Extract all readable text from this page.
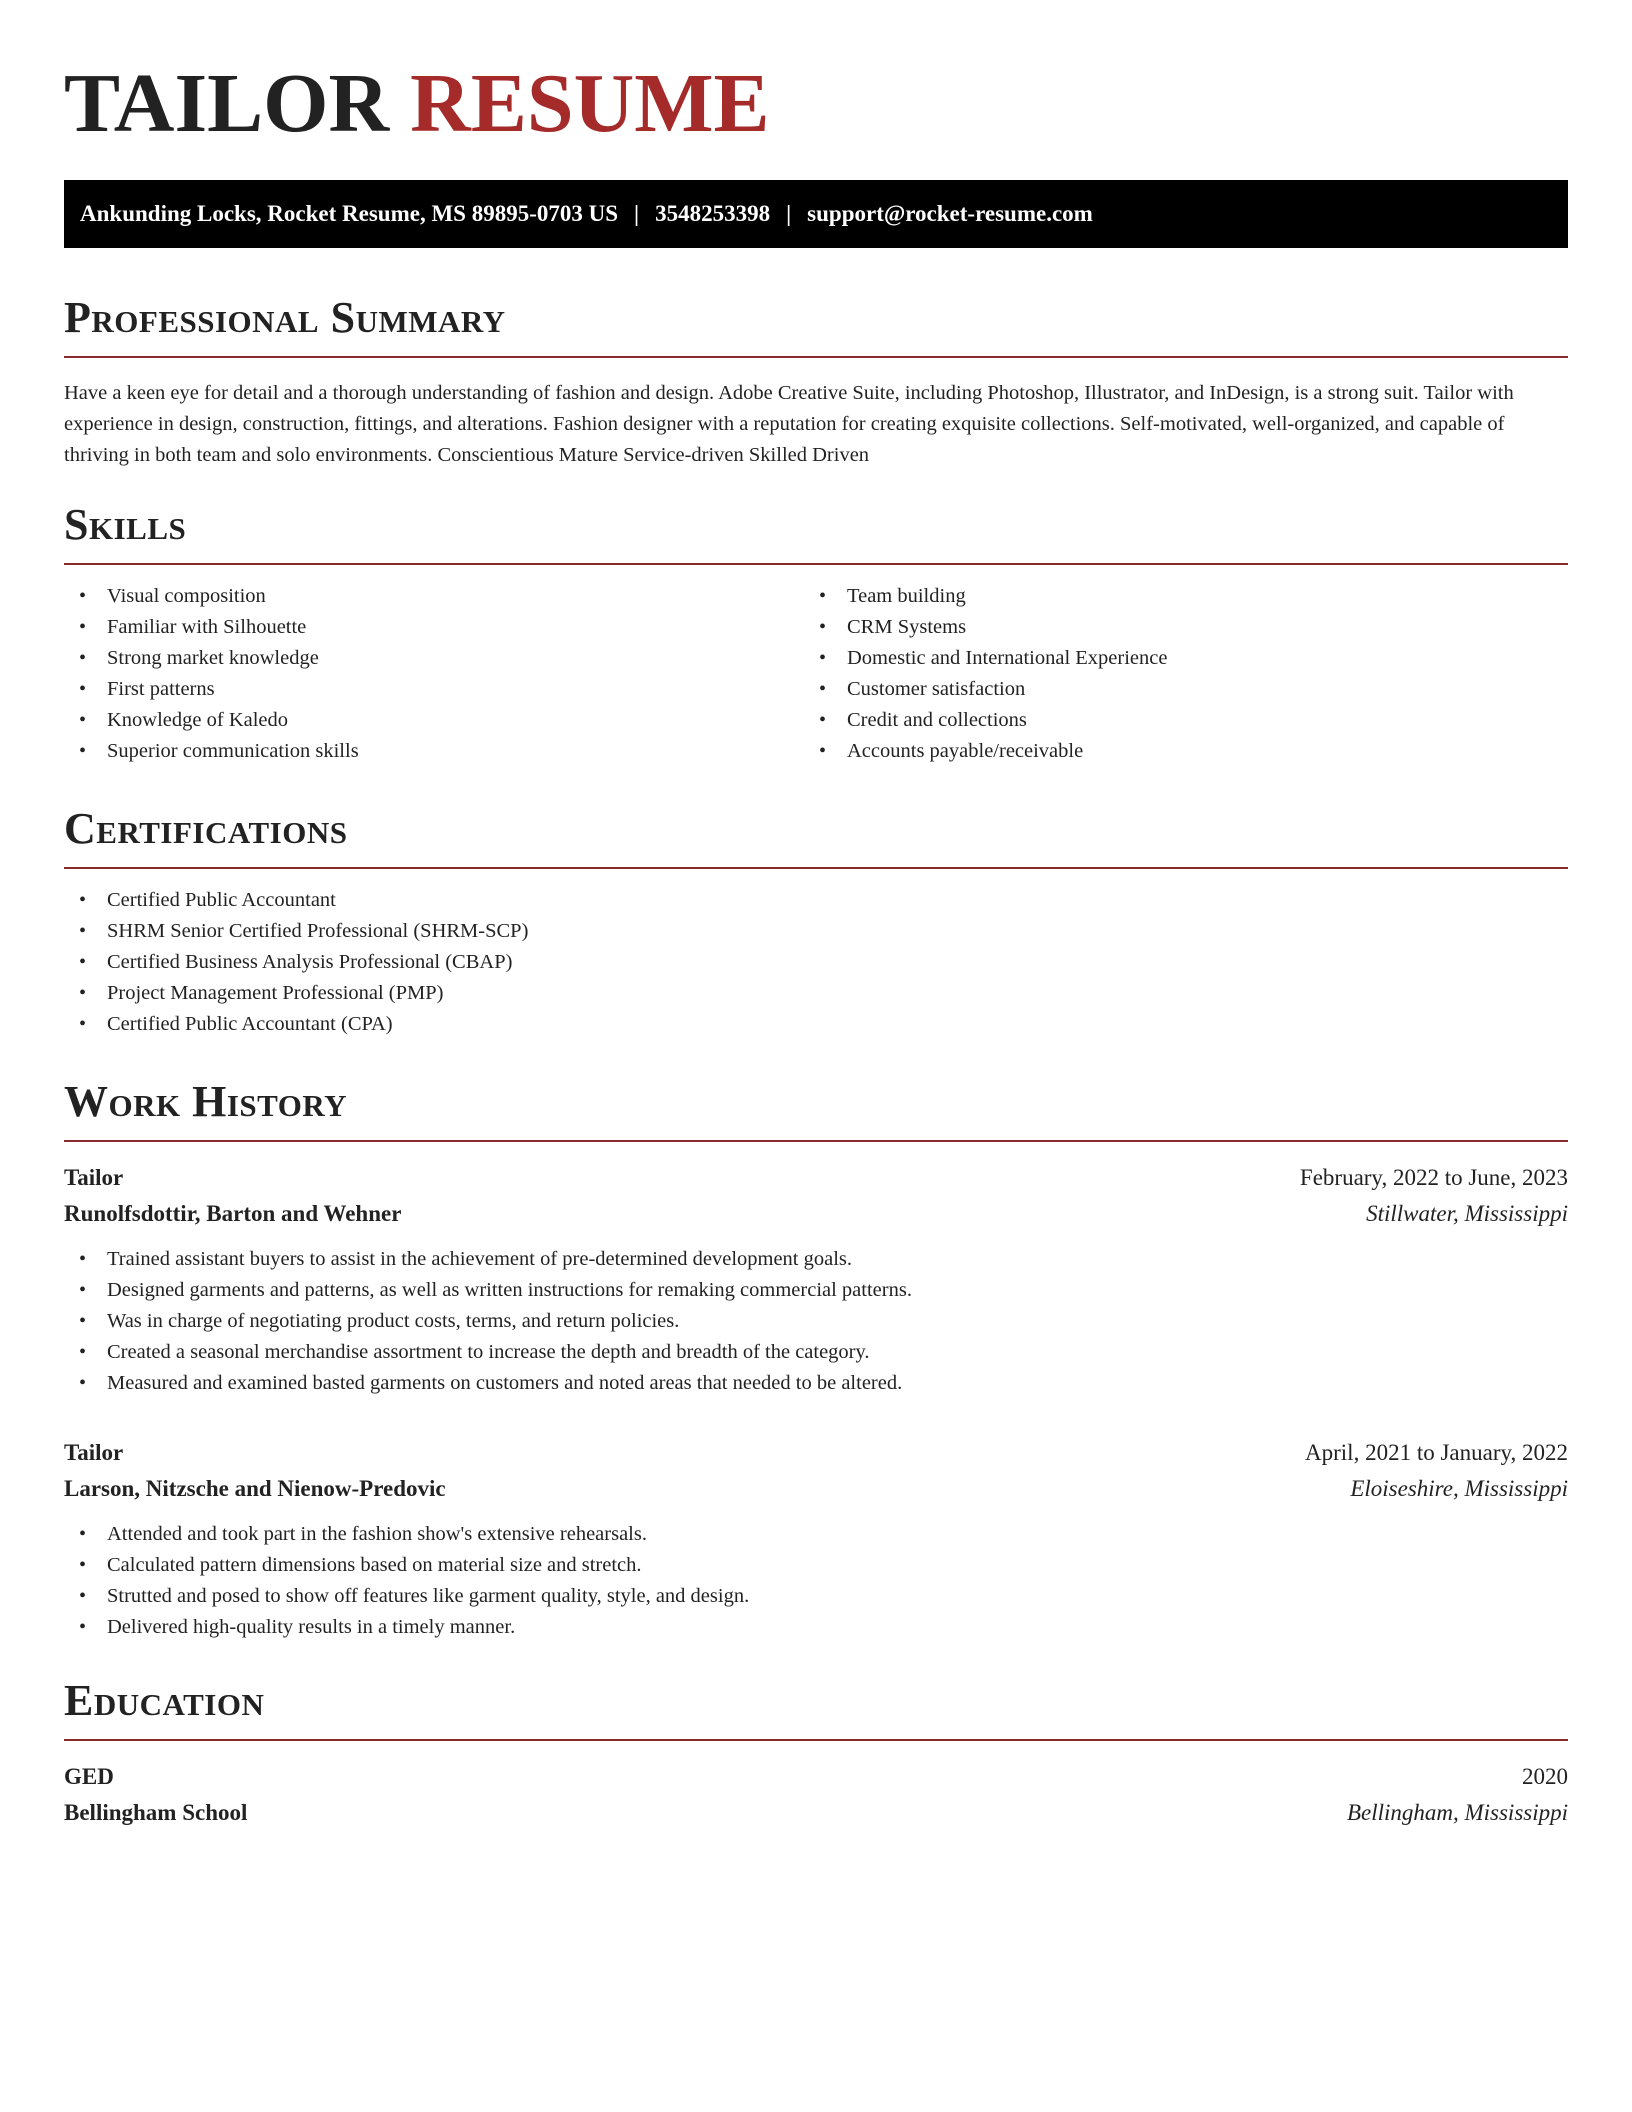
TAILOR RESUME
Ankunding Locks, Rocket Resume, MS 89895-0703 US | 3548253398 | support@rocket-resume.com
Professional Summary

Have a keen eye for detail and a thorough understanding of fashion and design. Adobe Creative Suite, including Photoshop, Illustrator, and InDesign, is a strong suit. Tailor with experience in design, construction, fittings, and alterations. Fashion designer with a reputation for creating exquisite collections. Self-motivated, well-organized, and capable of thriving in both team and solo environments. Conscientious Mature Service-driven Skilled Driven

Skills
• Visual composition
• Familiar with Silhouette
• Strong market knowledge
• First patterns
• Knowledge of Kaledo
• Superior communication skills
• Team building
• CRM Systems
• Domestic and International Experience
• Customer satisfaction
• Credit and collections
• Accounts payable/receivable
Certifications
• Certified Public Accountant
• SHRM Senior Certified Professional (SHRM-SCP)
• Certified Business Analysis Professional (CBAP)
• Project Management Professional (PMP)
• Certified Public Accountant (CPA)
Work History
Tailor	February, 2022 to June, 2023
Runolfsdottir, Barton and Wehner	Stillwater, Mississippi
• Trained assistant buyers to assist in the achievement of pre-determined development goals.
• Designed garments and patterns, as well as written instructions for remaking commercial patterns.
• Was in charge of negotiating product costs, terms, and return policies.
• Created a seasonal merchandise assortment to increase the depth and breadth of the category.
• Measured and examined basted garments on customers and noted areas that needed to be altered.
Tailor	April, 2021 to January, 2022
Larson, Nitzsche and Nienow-Predovic	Eloiseshire, Mississippi
• Attended and took part in the fashion show's extensive rehearsals.
• Calculated pattern dimensions based on material size and stretch.
• Strutted and posed to show off features like garment quality, style, and design.
• Delivered high-quality results in a timely manner.
Education
GED	2020
Bellingham School	Bellingham, Mississippi
